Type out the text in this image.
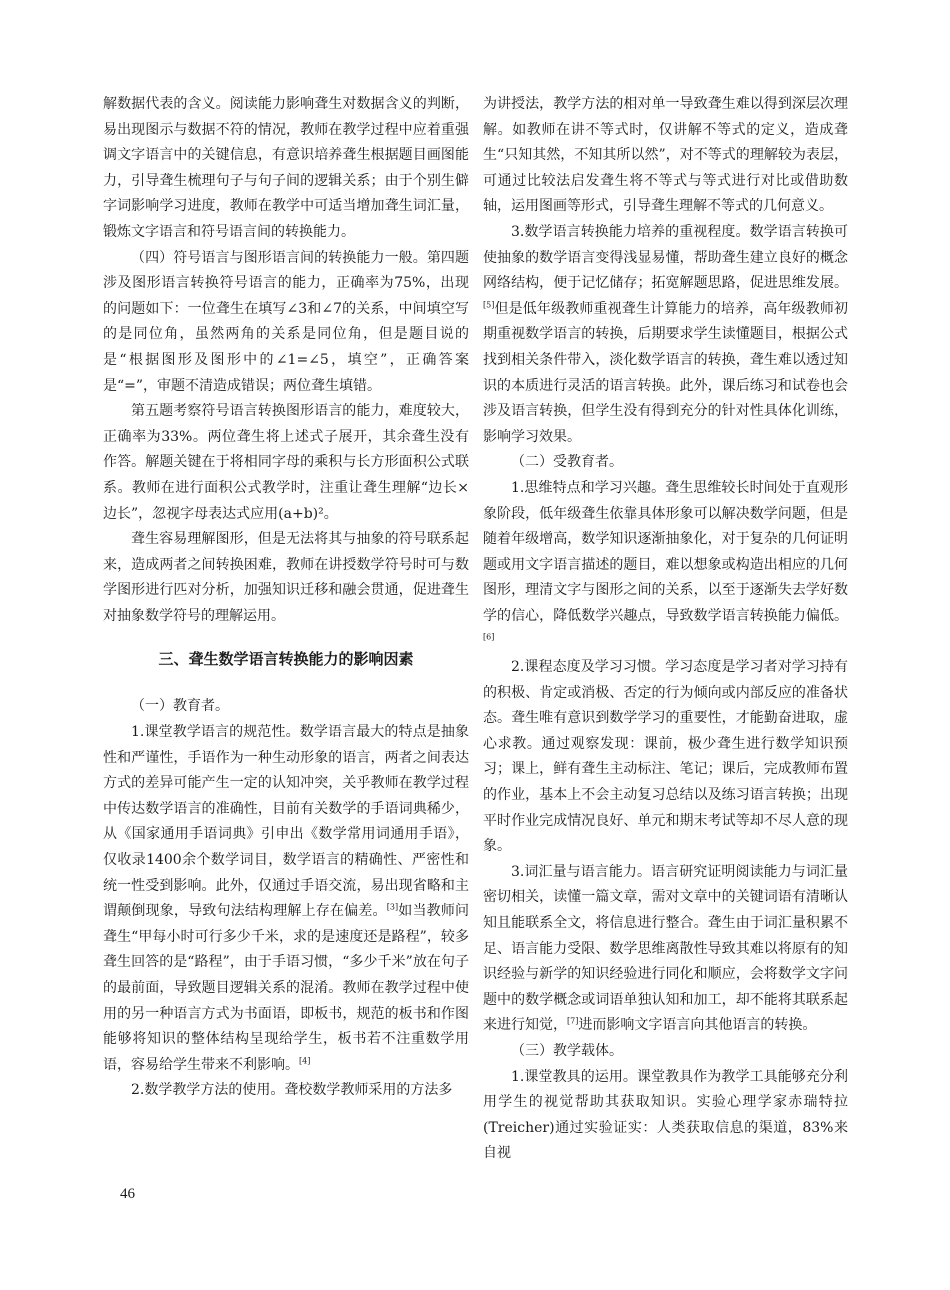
解数据代表的含义。阅读能力影响聋生对数据含义的判断，易出现图示与数据不符的情况，教师在教学过程中应着重强调文字语言中的关键信息，有意识培养聋生根据题目画图能力，引导聋生梳理句子与句子间的逻辑关系；由于个别生僻字词影响学习进度，教师在教学中可适当增加聋生词汇量，锻炼文字语言和符号语言间的转换能力。

（四）符号语言与图形语言间的转换能力一般。第四题涉及图形语言转换符号语言的能力，正确率为75%，出现的问题如下：一位聋生在填写∠3和∠7的关系，中间填空写的是同位角，虽然两角的关系是同位角，但是题目说的是“根据图形及图形中的∠1=∠5，填空”，正确答案是“=”，审题不清造成错误；两位聋生填错。

第五题考察符号语言转换图形语言的能力，难度较大，正确率为33%。两位聋生将上述式子展开，其余聋生没有作答。解题关键在于将相同字母的乘积与长方形面积公式联系。教师在进行面积公式教学时，注重让聋生理解“边长×边长”，忽视字母表达式应用(a+b)²。

聋生容易理解图形，但是无法将其与抽象的符号联系起来，造成两者之间转换困难，教师在讲授数学符号时可与数学图形进行匹对分析，加强知识迁移和融会贯通，促进聋生对抽象数学符号的理解运用。

三、聋生数学语言转换能力的影响因素

（一）教育者。

1.课堂教学语言的规范性。数学语言最大的特点是抽象性和严谨性，手语作为一种生动形象的语言，两者之间表达方式的差异可能产生一定的认知冲突，关乎教师在教学过程中传达数学语言的准确性，目前有关数学的手语词典稀少，从《国家通用手语词典》引申出《数学常用词通用手语》，仅收录1400余个数学词目，数学语言的精确性、严密性和统一性受到影响。此外，仅通过手语交流，易出现省略和主谓颠倒现象，导致句法结构理解上存在偏差。[3]如当教师问聋生“甲每小时可行多少千米，求的是速度还是路程”，较多聋生回答的是“路程”，由于手语习惯，“多少千米”放在句子的最前面，导致题目逻辑关系的混淆。教师在教学过程中使用的另一种语言方式为书面语，即板书，规范的板书和作图能够将知识的整体结构呈现给学生，板书若不注重数学用语，容易给学生带来不利影响。[4]

2.数学教学方法的使用。聋校数学教师采用的方法多

为讲授法，教学方法的相对单一导致聋生难以得到深层次理解。如教师在讲不等式时，仅讲解不等式的定义，造成聋生“只知其然，不知其所以然”，对不等式的理解较为表层，可通过比较法启发聋生将不等式与等式进行对比或借助数轴，运用图画等形式，引导聋生理解不等式的几何意义。

3.数学语言转换能力培养的重视程度。数学语言转换可使抽象的数学语言变得浅显易懂，帮助聋生建立良好的概念网络结构，便于记忆储存；拓宽解题思路，促进思维发展。[5]但是低年级教师重视聋生计算能力的培养，高年级教师初期重视数学语言的转换，后期要求学生读懂题目，根据公式找到相关条件带入，淡化数学语言的转换，聋生难以透过知识的本质进行灵活的语言转换。此外，课后练习和试卷也会涉及语言转换，但学生没有得到充分的针对性具体化训练，影响学习效果。

（二）受教育者。

1.思维特点和学习兴趣。聋生思维较长时间处于直观形象阶段，低年级聋生依靠具体形象可以解决数学问题，但是随着年级增高，数学知识逐渐抽象化，对于复杂的几何证明题或用文字语言描述的题目，难以想象或构造出相应的几何图形，理清文字与图形之间的关系，以至于逐渐失去学好数学的信心，降低数学兴趣点，导致数学语言转换能力偏低。[6]

2.课程态度及学习习惯。学习态度是学习者对学习持有的积极、肯定或消极、否定的行为倾向或内部反应的准备状态。聋生唯有意识到数学学习的重要性，才能勤奋进取，虚心求教。通过观察发现：课前，极少聋生进行数学知识预习；课上，鲜有聋生主动标注、笔记；课后，完成教师布置的作业，基本上不会主动复习总结以及练习语言转换；出现平时作业完成情况良好、单元和期末考试等却不尽人意的现象。

3.词汇量与语言能力。语言研究证明阅读能力与词汇量密切相关，读懂一篇文章，需对文章中的关键词语有清晰认知且能联系全文，将信息进行整合。聋生由于词汇量积累不足、语言能力受限、数学思维离散性导致其难以将原有的知识经验与新学的知识经验进行同化和顺应，会将数学文字问题中的数学概念或词语单独认知和加工，却不能将其联系起来进行知觉，[7]进而影响文字语言向其他语言的转换。

（三）教学载体。

1.课堂教具的运用。课堂教具作为教学工具能够充分利用学生的视觉帮助其获取知识。实验心理学家赤瑞特拉(Treicher)通过实验证实：人类获取信息的渠道，83%来自视

46
